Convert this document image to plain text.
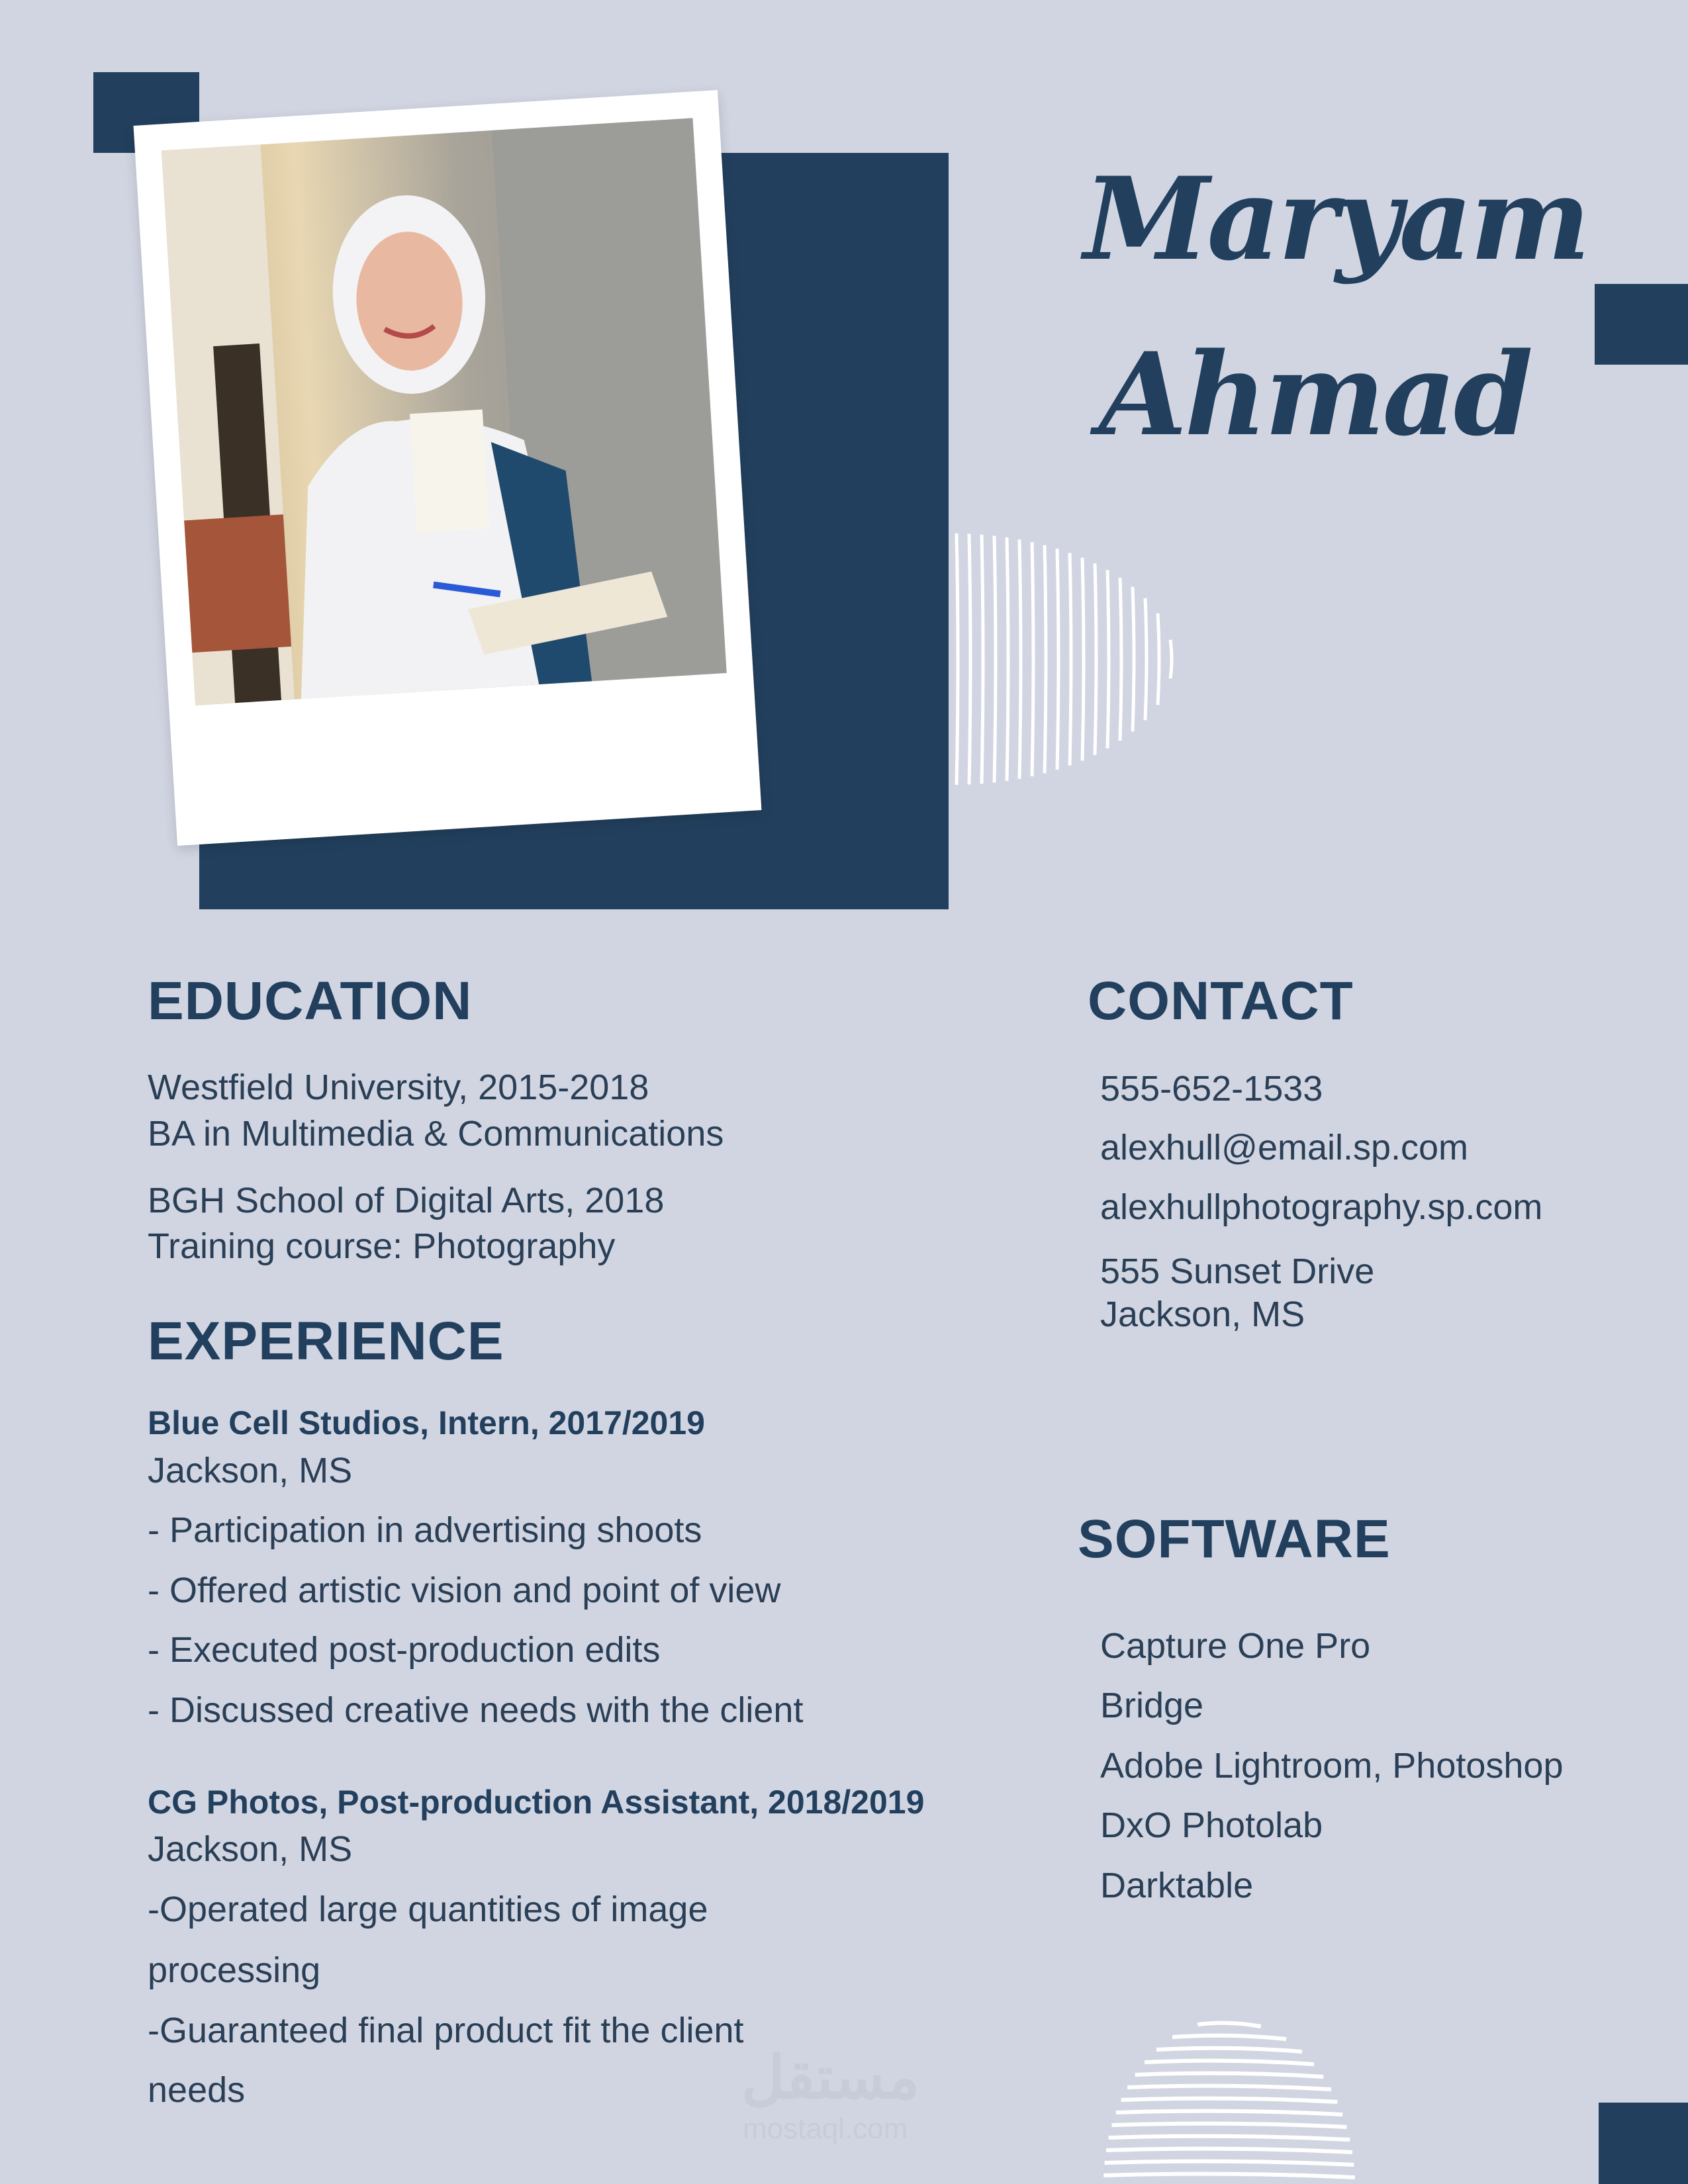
Maryam
Ahmad
EDUCATION
Westfield University, 2015-2018
BA in Multimedia & Communications
BGH School of Digital Arts, 2018
Training course: Photography
EXPERIENCE
Blue Cell Studios, Intern, 2017/2019
Jackson, MS
- Participation in advertising shoots
- Offered artistic vision and point of view
- Executed post-production edits
- Discussed creative needs with the client
CG Photos, Post-production Assistant, 2018/2019
Jackson, MS
-Operated large quantities of image
processing
-Guaranteed final product fit the client
needs
CONTACT
555-652-1533
alexhull@email.sp.com
alexhullphotography.sp.com
555 Sunset Drive
Jackson, MS
SOFTWARE
Capture One Pro
Bridge
Adobe Lightroom, Photoshop
DxO Photolab
Darktable
مستقل
mostaql.com
